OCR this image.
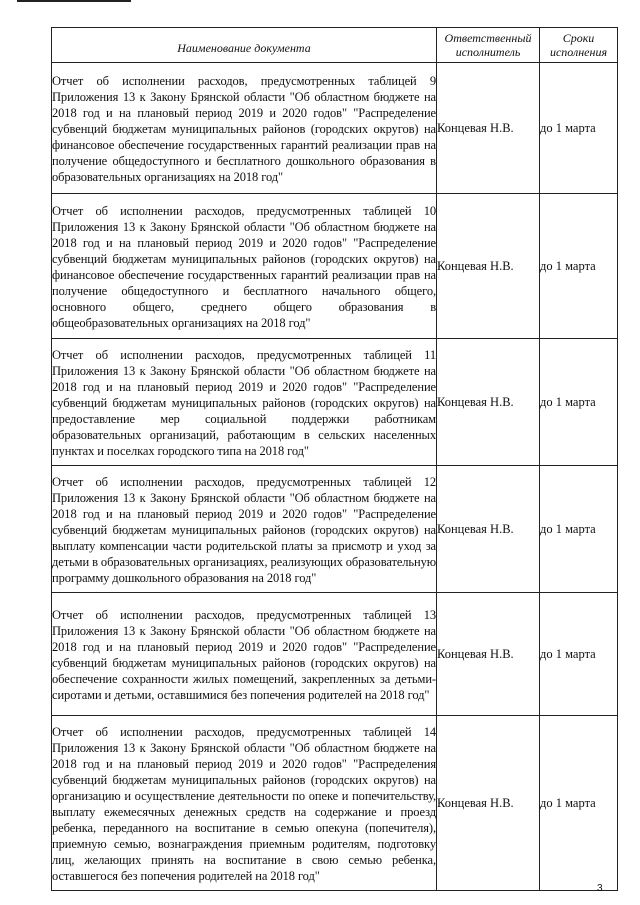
Наименование документа	Ответственный исполнитель	Сроки исполнения

Отчет об исполнении расходов, предусмотренных таблицей 9 Приложения 13 к Закону Брянской области "Об областном бюджете на 2018 год и на плановый период 2019 и 2020 годов" "Распределение субвенций бюджетам муниципальных районов (городских округов) на финансовое обеспечение государственных гарантий реализации прав на получение общедоступного и бесплатного дошкольного образования в образовательных организациях на 2018 год"	Концевая Н.В.	до 1 марта

Отчет об исполнении расходов, предусмотренных таблицей 10 Приложения 13 к Закону Брянской области "Об областном бюджете на 2018 год и на плановый период 2019 и 2020 годов" "Распределение субвенций бюджетам муниципальных районов (городских округов) на финансовое обеспечение государственных гарантий реализации прав на получение общедоступного и бесплатного начального общего, основного общего, среднего общего образования в общеобразовательных организациях на 2018 год"	Концевая Н.В.	до 1 марта

Отчет об исполнении расходов, предусмотренных таблицей 11 Приложения 13 к Закону Брянской области "Об областном бюджете на 2018 год и на плановый период 2019 и 2020 годов" "Распределение субвенций бюджетам муниципальных районов (городских округов) на предоставление мер социальной поддержки работникам образовательных организаций, работающим в сельских населенных пунктах и поселках городского типа на 2018 год"	Концевая Н.В.	до 1 марта

Отчет об исполнении расходов, предусмотренных таблицей 12 Приложения 13 к Закону Брянской области "Об областном бюджете на 2018 год и на плановый период 2019 и 2020 годов" "Распределение субвенций бюджетам муниципальных районов (городских округов) на выплату компенсации части родительской платы за присмотр и уход за детьми в образовательных организациях, реализующих образовательную программу дошкольного образования на 2018 год"	Концевая Н.В.	до 1 марта

Отчет об исполнении расходов, предусмотренных таблицей 13 Приложения 13 к Закону Брянской области "Об областном бюджете на 2018 год и на плановый период 2019 и 2020 годов" "Распределение субвенций бюджетам муниципальных районов (городских округов) на обеспечение сохранности жилых помещений, закрепленных за детьми-сиротами и детьми, оставшимися без попечения родителей на 2018 год"	Концевая Н.В.	до 1 марта

Отчет об исполнении расходов, предусмотренных таблицей 14 Приложения 13 к Закону Брянской области "Об областном бюджете на 2018 год и на плановый период 2019 и 2020 годов" "Распределения субвенций бюджетам муниципальных районов (городских округов) на организацию и осуществление деятельности по опеке и попечительству, выплату ежемесячных денежных средств на содержание и проезд ребенка, переданного на воспитание в семью опекуна (попечителя), приемную семью, вознаграждения приемным родителям, подготовку лиц, желающих принять на воспитание в свою семью ребенка, оставшегося без попечения родителей на 2018 год"	Концевая Н.В.	до 1 марта
3
